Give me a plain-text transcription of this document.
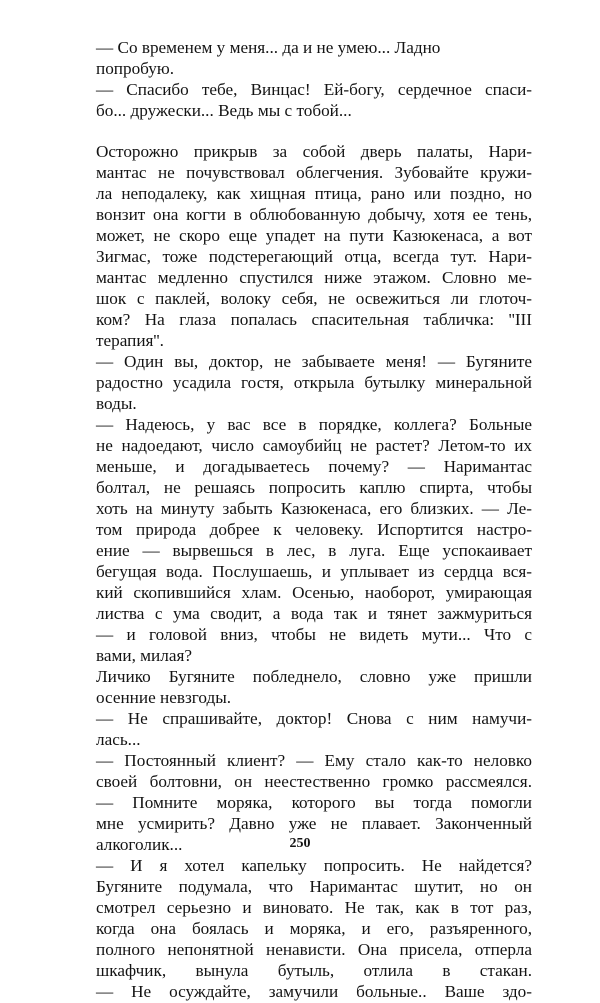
— Со временем у меня... да и не умею... Ладно
попробую.
— Спасибо тебе, Винцас! Ей-богу, сердечное спаси-
бо... дружески... Ведь мы с тобой...
Осторожно прикрыв за собой дверь палаты, Нари-
мантас не почувствовал облегчения. Зубовайте кружи-
ла неподалеку, как хищная птица, рано или поздно, но
вонзит она когти в облюбованную добычу, хотя ее тень,
может, не скоро еще упадет на пути Казюкенаса, а вот
Зигмас, тоже подстерегающий отца, всегда тут. Нари-
мантас медленно спустился ниже этажом. Словно ме-
шок с паклей, волоку себя, не освежиться ли глоточ-
ком? На глаза попалась спасительная табличка: ''III
терапия''.
— Один вы, доктор, не забываете меня! — Бугяните
радостно усадила гостя, открыла бутылку минеральной
воды.
— Надеюсь, у вас все в порядке, коллега? Больные
не надоедают, число самоубийц не растет? Летом-то их
меньше, и догадываетесь почему? — Наримантас
болтал, не решаясь попросить каплю спирта, чтобы
хоть на минуту забыть Казюкенаса, его близких. — Ле-
том природа добрее к человеку. Испортится настро-
ение — вырвешься в лес, в луга. Еще успокаивает
бегущая вода. Послушаешь, и уплывает из сердца вся-
кий скопившийся хлам. Осенью, наоборот, умирающая
листва с ума сводит, а вода так и тянет зажмуриться
— и головой вниз, чтобы не видеть мути... Что с
вами, милая?
Личико Бугяните побледнело, словно уже пришли
осенние невзгоды.
— Не спрашивайте, доктор! Снова с ним намучи-
лась...
— Постоянный клиент? — Ему стало как-то неловко
своей болтовни, он неестественно громко рассмеялся.
— Помните моряка, которого вы тогда помогли
мне усмирить? Давно уже не плавает. Законченный
алкоголик...
— И я хотел капельку попросить. Не найдется?
Бугяните подумала, что Наримантас шутит, но он
смотрел серьезно и виновато. Не так, как в тот раз,
когда она боялась и моряка, и его, разъяренного,
полного непонятной ненависти. Она присела, отперла
шкафчик, вынула бутыль, отлила в стакан.
— Не осуждайте, замучили больные.. Ваше здо-
250
